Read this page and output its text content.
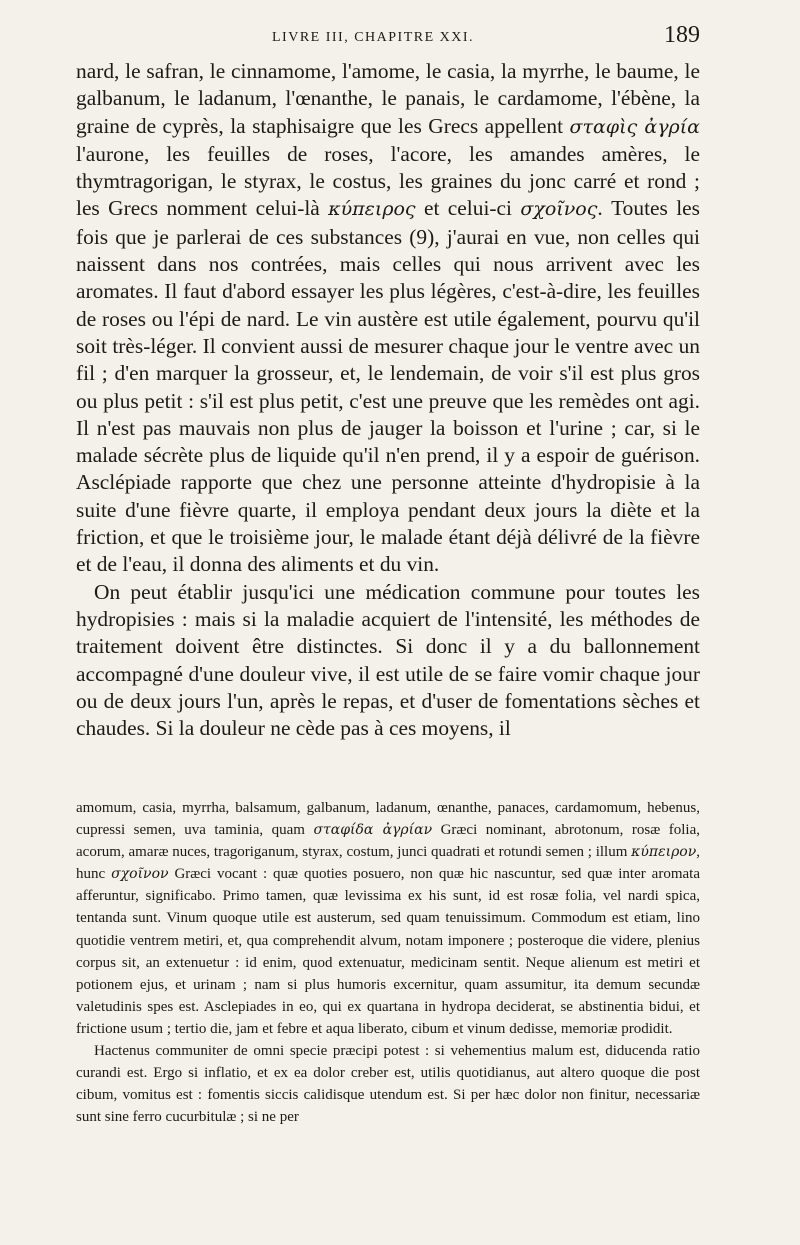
LIVRE III, CHAPITRE XXI.	189

nard, le safran, le cinnamome, l'amome, le casia, la myrrhe, le baume, le galbanum, le ladanum, l'œnanthe, le panais, le cardamome, l'ébène, la graine de cyprès, la staphisaigre que les Grecs appellent σταφὶς ἀγρία l'aurone, les feuilles de roses, l'acore, les amandes amères, le thymtragorigan, le styrax, le costus, les graines du jonc carré et rond ; les Grecs nomment celui-là κύπειρος et celui-ci σχοῖνος. Toutes les fois que je parlerai de ces substances (9), j'aurai en vue, non celles qui naissent dans nos contrées, mais celles qui nous arrivent avec les aromates. Il faut d'abord essayer les plus légères, c'est-à-dire, les feuilles de roses ou l'épi de nard. Le vin austère est utile également, pourvu qu'il soit très-léger. Il convient aussi de mesurer chaque jour le ventre avec un fil ; d'en marquer la grosseur, et, le lendemain, de voir s'il est plus gros ou plus petit : s'il est plus petit, c'est une preuve que les remèdes ont agi. Il n'est pas mauvais non plus de jauger la boisson et l'urine ; car, si le malade sécrète plus de liquide qu'il n'en prend, il y a espoir de guérison. Asclépiade rapporte que chez une personne atteinte d'hydropisie à la suite d'une fièvre quarte, il employa pendant deux jours la diète et la friction, et que le troisième jour, le malade étant déjà délivré de la fièvre et de l'eau, il donna des aliments et du vin.

On peut établir jusqu'ici une médication commune pour toutes les hydropisies : mais si la maladie acquiert de l'intensité, les méthodes de traitement doivent être distinctes. Si donc il y a du ballonnement accompagné d'une douleur vive, il est utile de se faire vomir chaque jour ou de deux jours l'un, après le repas, et d'user de fomentations sèches et chaudes. Si la douleur ne cède pas à ces moyens, il

amomum, casia, myrrha, balsamum, galbanum, ladanum, œnanthe, panaces, cardamomum, hebenus, cupressi semen, uva taminia, quam σταφίδα ἀγρίαν Græci nominant, abrotonum, rosæ folia, acorum, amaræ nuces, tragoriganum, styrax, costum, junci quadrati et rotundi semen ; illum κύπειρον, hunc σχοῖνον Græci vocant : quæ quoties posuero, non quæ hic nascuntur, sed quæ inter aromata afferuntur, significabo. Primo tamen, quæ levissima ex his sunt, id est rosæ folia, vel nardi spica, tentanda sunt. Vinum quoque utile est austerum, sed quam tenuissimum. Commodum est etiam, lino quotidie ventrem metiri, et, qua comprehendit alvum, notam imponere ; posteroque die videre, plenius corpus sit, an extenuetur : id enim, quod extenuatur, medicinam sentit. Neque alienum est metiri et potionem ejus, et urinam ; nam si plus humoris excernitur, quam assumitur, ita demum secundæ valetudinis spes est. Asclepiades in eo, qui ex quartana in hydropa deciderat, se abstinentia bidui, et frictione usum ; tertio die, jam et febre et aqua liberato, cibum et vinum dedisse, memoriæ prodidit.

Hactenus communiter de omni specie præcipi potest : si vehementius malum est, diducenda ratio curandi est. Ergo si inflatio, et ex ea dolor creber est, utilis quotidianus, aut altero quoque die post cibum, vomitus est : fomentis siccis calidisque utendum est. Si per hæc dolor non finitur, necessariæ sunt sine ferro cucurbitulæ ; si ne per
